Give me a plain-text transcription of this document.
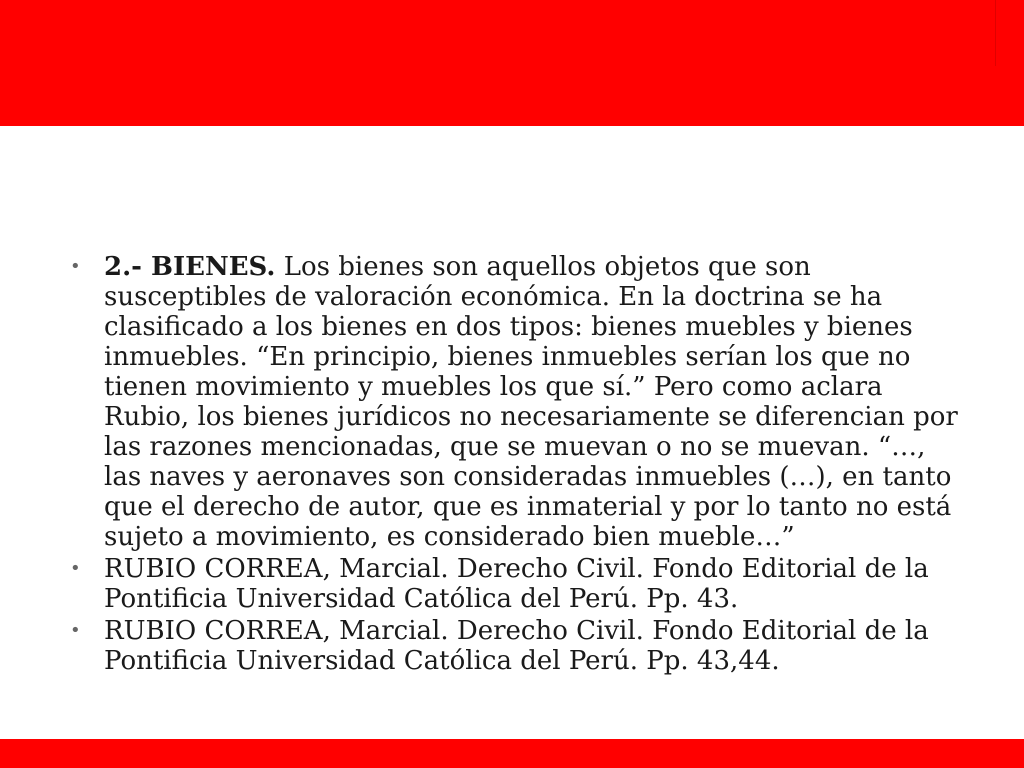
• 2.- BIENES. Los bienes son aquellos objetos que son susceptibles de valoración económica. En la doctrina se ha clasificado a los bienes en dos tipos: bienes muebles y bienes inmuebles. “En principio, bienes inmuebles serían los que no tienen movimiento y muebles los que sí.” Pero como aclara Rubio, los bienes jurídicos no necesariamente se diferencian por las razones mencionadas, que se muevan o no se muevan. “…, las naves y aeronaves son consideradas inmuebles (…), en tanto que el derecho de autor, que es inmaterial y por lo tanto no está sujeto a movimiento, es considerado bien mueble…”
• RUBIO CORREA, Marcial. Derecho Civil. Fondo Editorial de la Pontificia Universidad Católica del Perú. Pp. 43.
• RUBIO CORREA, Marcial. Derecho Civil. Fondo Editorial de la Pontificia Universidad Católica del Perú. Pp. 43,44.
